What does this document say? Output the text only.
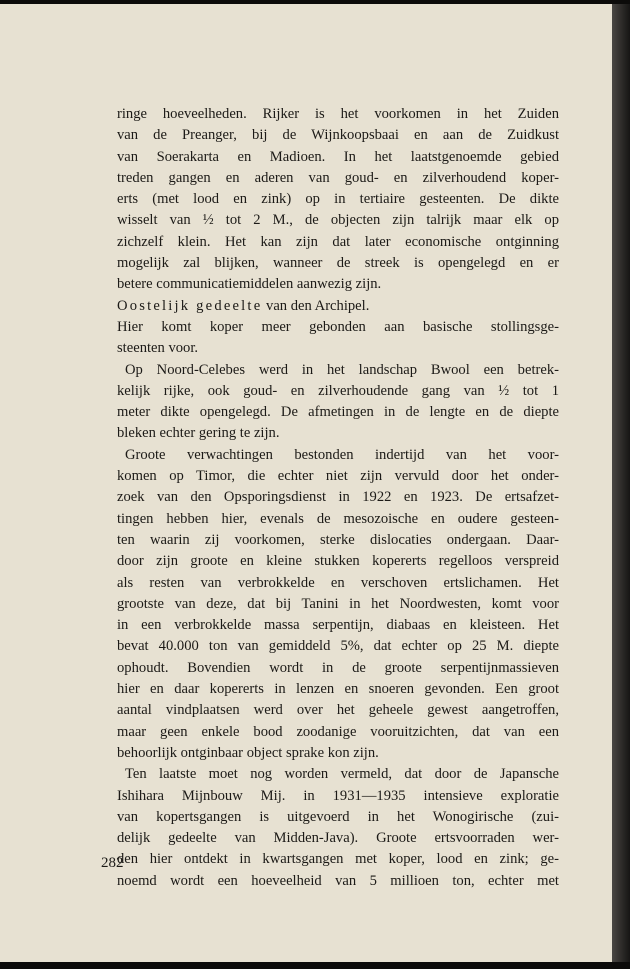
ringe hoeveelheden. Rijker is het voorkomen in het Zuiden
van de Preanger, bij de Wijnkoopsbaai en aan de Zuidkust
van Soerakarta en Madioen. In het laatstgenoemde gebied
treden gangen en aderen van goud- en zilverhoudend koper-
erts (met lood en zink) op in tertiaire gesteenten. De dikte
wisselt van ½ tot 2 M., de objecten zijn talrijk maar elk op
zichzelf klein. Het kan zijn dat later economische ontginning
mogelijk zal blijken, wanneer de streek is opengelegd en er
betere communicatiemiddelen aanwezig zijn.
Oostelijk gedeelte van den Archipel.
Hier komt koper meer gebonden aan basische stollingsge-
steenten voor.
Op Noord-Celebes werd in het landschap Bwool een betrek-
kelijk rijke, ook goud- en zilverhoudende gang van ½ tot 1
meter dikte opengelegd. De afmetingen in de lengte en de diepte
bleken echter gering te zijn.
Groote verwachtingen bestonden indertijd van het voor-
komen op Timor, die echter niet zijn vervuld door het onder-
zoek van den Opsporingsdienst in 1922 en 1923. De ertsafzet-
tingen hebben hier, evenals de mesozoische en oudere gesteen-
ten waarin zij voorkomen, sterke dislocaties ondergaan. Daar-
door zijn groote en kleine stukken kopererts regelloos verspreid
als resten van verbrokkelde en verschoven ertslichamen. Het
grootste van deze, dat bij Tanini in het Noordwesten, komt voor
in een verbrokkelde massa serpentijn, diabaas en kleisteen. Het
bevat 40.000 ton van gemiddeld 5%, dat echter op 25 M. diepte
ophoudt. Bovendien wordt in de groote serpentijnmassieven
hier en daar kopererts in lenzen en snoeren gevonden. Een groot
aantal vindplaatsen werd over het geheele gewest aangetroffen,
maar geen enkele bood zoodanige vooruitzichten, dat van een
behoorlijk ontginbaar object sprake kon zijn.
Ten laatste moet nog worden vermeld, dat door de Japansche
Ishihara Mijnbouw Mij. in 1931—1935 intensieve exploratie
van kopertsgangen is uitgevoerd in het Wonogirische (zui-
delijk gedeelte van Midden-Java). Groote ertsvoorraden wer-
den hier ontdekt in kwartsgangen met koper, lood en zink; ge-
noemd wordt een hoeveelheid van 5 millioen ton, echter met
282
